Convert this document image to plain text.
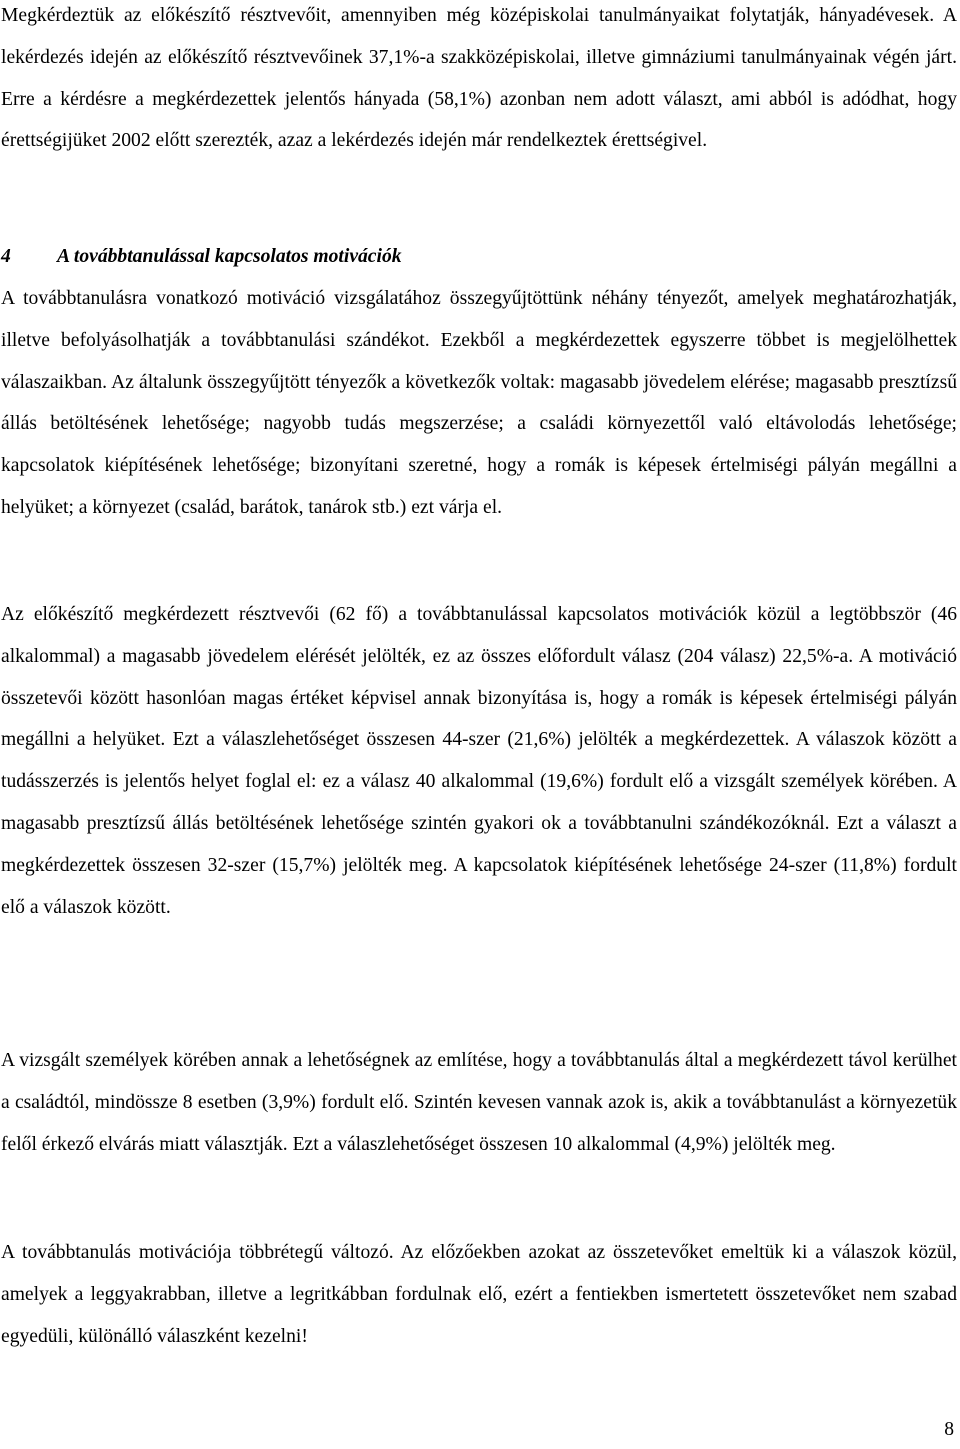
Megkérdeztük az előkészítő résztvevőit, amennyiben még középiskolai tanulmányaikat folytatják, hányadévesek. A lekérdezés idején az előkészítő résztvevőinek 37,1%-a szakközépiskolai, illetve gimnáziumi tanulmányainak végén járt. Erre a kérdésre a megkérdezettek jelentős hányada (58,1%) azonban nem adott választ, ami abból is adódhat, hogy érettségijüket 2002 előtt szerezték, azaz a lekérdezés idején már rendelkeztek érettségivel.

4 A továbbtanulással kapcsolatos motivációk

A továbbtanulásra vonatkozó motiváció vizsgálatához összegyűjtöttünk néhány tényezőt, amelyek meghatározhatják, illetve befolyásolhatják a továbbtanulási szándékot. Ezekből a megkérdezettek egyszerre többet is megjelölhettek válaszaikban. Az általunk összegyűjtött tényezők a következők voltak: magasabb jövedelem elérése; magasabb presztízsű állás betöltésének lehetősége; nagyobb tudás megszerzése; a családi környezettől való eltávolodás lehetősége; kapcsolatok kiépítésének lehetősége; bizonyítani szeretné, hogy a romák is képesek értelmiségi pályán megállni a helyüket; a környezet (család, barátok, tanárok stb.) ezt várja el.

Az előkészítő megkérdezett résztvevői (62 fő) a továbbtanulással kapcsolatos motivációk közül a legtöbbször (46 alkalommal) a magasabb jövedelem elérését jelölték, ez az összes előfordult válasz (204 válasz) 22,5%-a. A motiváció összetevői között hasonlóan magas értéket képvisel annak bizonyítása is, hogy a romák is képesek értelmiségi pályán megállni a helyüket. Ezt a válaszlehetőséget összesen 44-szer (21,6%) jelölték a megkérdezettek. A válaszok között a tudásszerzés is jelentős helyet foglal el: ez a válasz 40 alkalommal (19,6%) fordult elő a vizsgált személyek körében. A magasabb presztízsű állás betöltésének lehetősége szintén gyakori ok a továbbtanulni szándékozóknál. Ezt a választ a megkérdezettek összesen 32-szer (15,7%) jelölték meg. A kapcsolatok kiépítésének lehetősége 24-szer (11,8%) fordult elő a válaszok között.

A vizsgált személyek körében annak a lehetőségnek az említése, hogy a továbbtanulás által a megkérdezett távol kerülhet a családtól, mindössze 8 esetben (3,9%) fordult elő. Szintén kevesen vannak azok is, akik a továbbtanulást a környezetük felől érkező elvárás miatt választják. Ezt a válaszlehetőséget összesen 10 alkalommal (4,9%) jelölték meg.

A továbbtanulás motivációja többrétegű változó. Az előzőekben azokat az összetevőket emeltük ki a válaszok közül, amelyek a leggyakrabban, illetve a legritkábban fordulnak elő, ezért a fentiekben ismertetett összetevőket nem szabad egyedüli, különálló válaszként kezelni!

8
